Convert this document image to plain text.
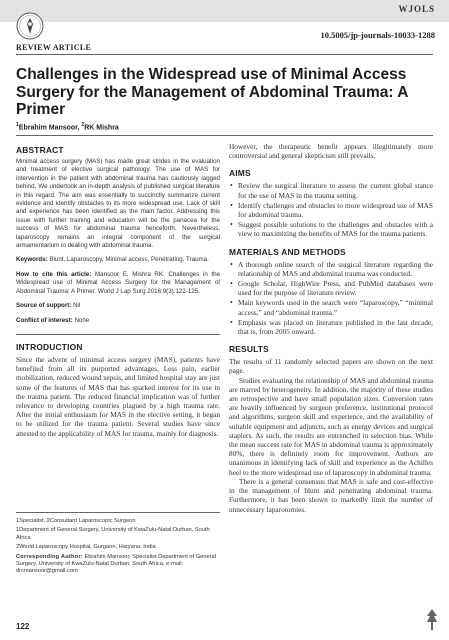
WJOLS
10.5005/jp-journals-10033-1288
REVIEW ARTICLE
Challenges in the Widespread use of Minimal Access Surgery for the Management of Abdominal Trauma: A Primer
$^1$Ebrahim Mansoor, $^2$RK Mishra
ABSTRACT

Minimal access surgery (MAS) has made great strides in the evaluation and treatment of elective surgical pathology. The use of MAS for intervention in the patient with abdominal trauma has cautiously lagged behind. We undertook an in-depth analysis of published surgical literature in this regard. The aim was essentially to succinctly summarize current evidence and identify obstacles to its more widespread use. Lack of skill and experience has been identified as the main factor. Addressing this issue with further training and education will be the panacea for the success of MAS for abdominal trauma henceforth. Nevertheless, laparoscopy remains an integral component of the surgical armamentarium in dealing with abdominal trauma.

Keywords: Blunt, Laparoscopy, Minimal access, Penetrating, Trauma.
How to cite this article: Mansoor E, Mishra RK. Challenges in the Widespread use of Minimal Access Surgery for the Management of Abdominal Trauma: A Primer. World J Lap Surg 2016;9(3):122-125.
Source of support: Nil
Conflict of interest: None
INTRODUCTION

Since the advent of minimal access surgery (MAS), patients have benefited from all its purported advantages. Less pain, earlier mobilization, reduced wound sepsis, and limited hospital stay are just some of the features of MAS that has sparked interest for its use in the trauma patient. The reduced financial implication was of further relevance to developing countries plagued by a high trauma rate. After the initial enthusiasm for MAS in the elective setting, it began to be utilized for the trauma patient. Several studies have since attested to the applicability of MAS for trauma, mainly for diagnosis.

1Specialist, 2Consultant Laparoscopic Surgeon
1Department of General Surgery, University of KwaZulu-Natal Durban, South Africa
2World Laparoscopy Hospital, Gurgaon, Haryana, India
Corresponding Author: Ebrahim Mansoor, Specialist Department of General Surgery, University of KwaZulu-Natal Durban, South Africa, e-mail: drcmansoor@gmail.com

However, the therapeutic benefit appears illegitimately more controversial and general skepticism still prevails.

AIMS
• Review the surgical literature to assess the current global stance for the use of MAS in the trauma setting.
• Identify challenges and obstacles to more widespread use of MAS for abdominal trauma.
• Suggest possible solutions to the challenges and obstacles with a view to maximizing the benefits of MAS for the trauma patients.
MATERIALS AND METHODS
• A thorough online search of the surgical literature regarding the relationship of MAS and abdominal trauma was conducted.
• Google Scholar, HighWire Press, and PubMed databases were used for the purpose of literature review.
• Main keywords used in the search were “laparoscopy,” “minimal access,” and “abdominal trauma.”
• Emphasis was placed on literature published in the last decade, that is, from 2005 onward.
RESULTS

The results of 11 randomly selected papers are shown on the next page.

Studies evaluating the relationship of MAS and abdominal trauma are marred by heterogeneity. In addition, the majority of these studies are retrospective and have small population sizes. Conversion rates are heavily influenced by surgeon preference, institutional protocol and algorithms, surgeon skill and experience, and the availability of suitable equipment and adjuncts, such as energy devices and surgical staplers. As such, the results are entrenched in selection bias. While the mean success rate for MAS in abdominal trauma is approximately 80%, there is definitely room for improvement. Authors are unanimous in identifying lack of skill and experience as the Achilles heel to the more widespread use of laparoscopy in abdominal trauma.

There is a general consensus that MAS is safe and cost-effective in the management of blunt and penetrating abdominal trauma. Furthermore, it has been shown to markedly limit the number of unnecessary laparotomies.

122
